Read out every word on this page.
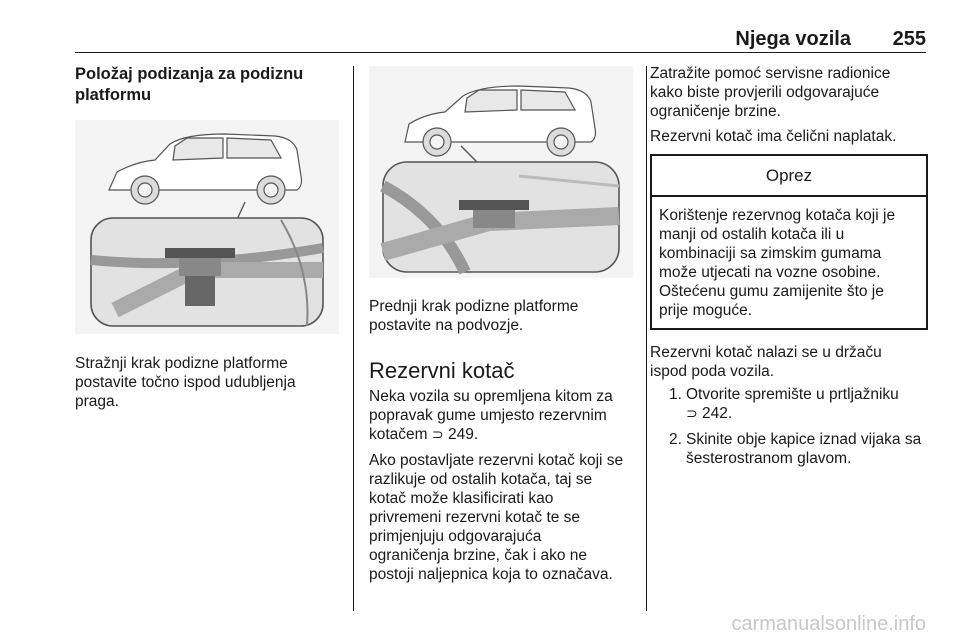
Njega vozila 255
Položaj podizanja za podiznu platformu

Stražnji krak podizne platforme
postavite točno ispod udubljenja
praga.

Prednji krak podizne platforme
postavite na podvozje.

Rezervni kotač

Neka vozila su opremljena kitom za
popravak gume umjesto rezervnim
kotačem ⊃ 249.

Ako postavljate rezervni kotač koji se
razlikuje od ostalih kotača, taj se
kotač može klasificirati kao
privremeni rezervni kotač te se
primjenjuju odgovarajuća
ograničenja brzine, čak i ako ne
postoji naljepnica koja to označava.

Zatražite pomoć servisne radionice
kako biste provjerili odgovarajuće
ograničenje brzine.

Rezervni kotač ima čelični naplatak.

Oprez
Korištenje rezervnog kotača koji je
manji od ostalih kotača ili u
kombinaciji sa zimskim gumama
može utjecati na vozne osobine.
Oštećenu gumu zamijenite što je
prije moguće.

Rezervni kotač nalazi se u držaču
ispod poda vozila.

1. Otvorite spremište u prtljažniku
⊃ 242.
2. Skinite obje kapice iznad vijaka sa
šesterostranom glavom.
carmanualsonline.info
